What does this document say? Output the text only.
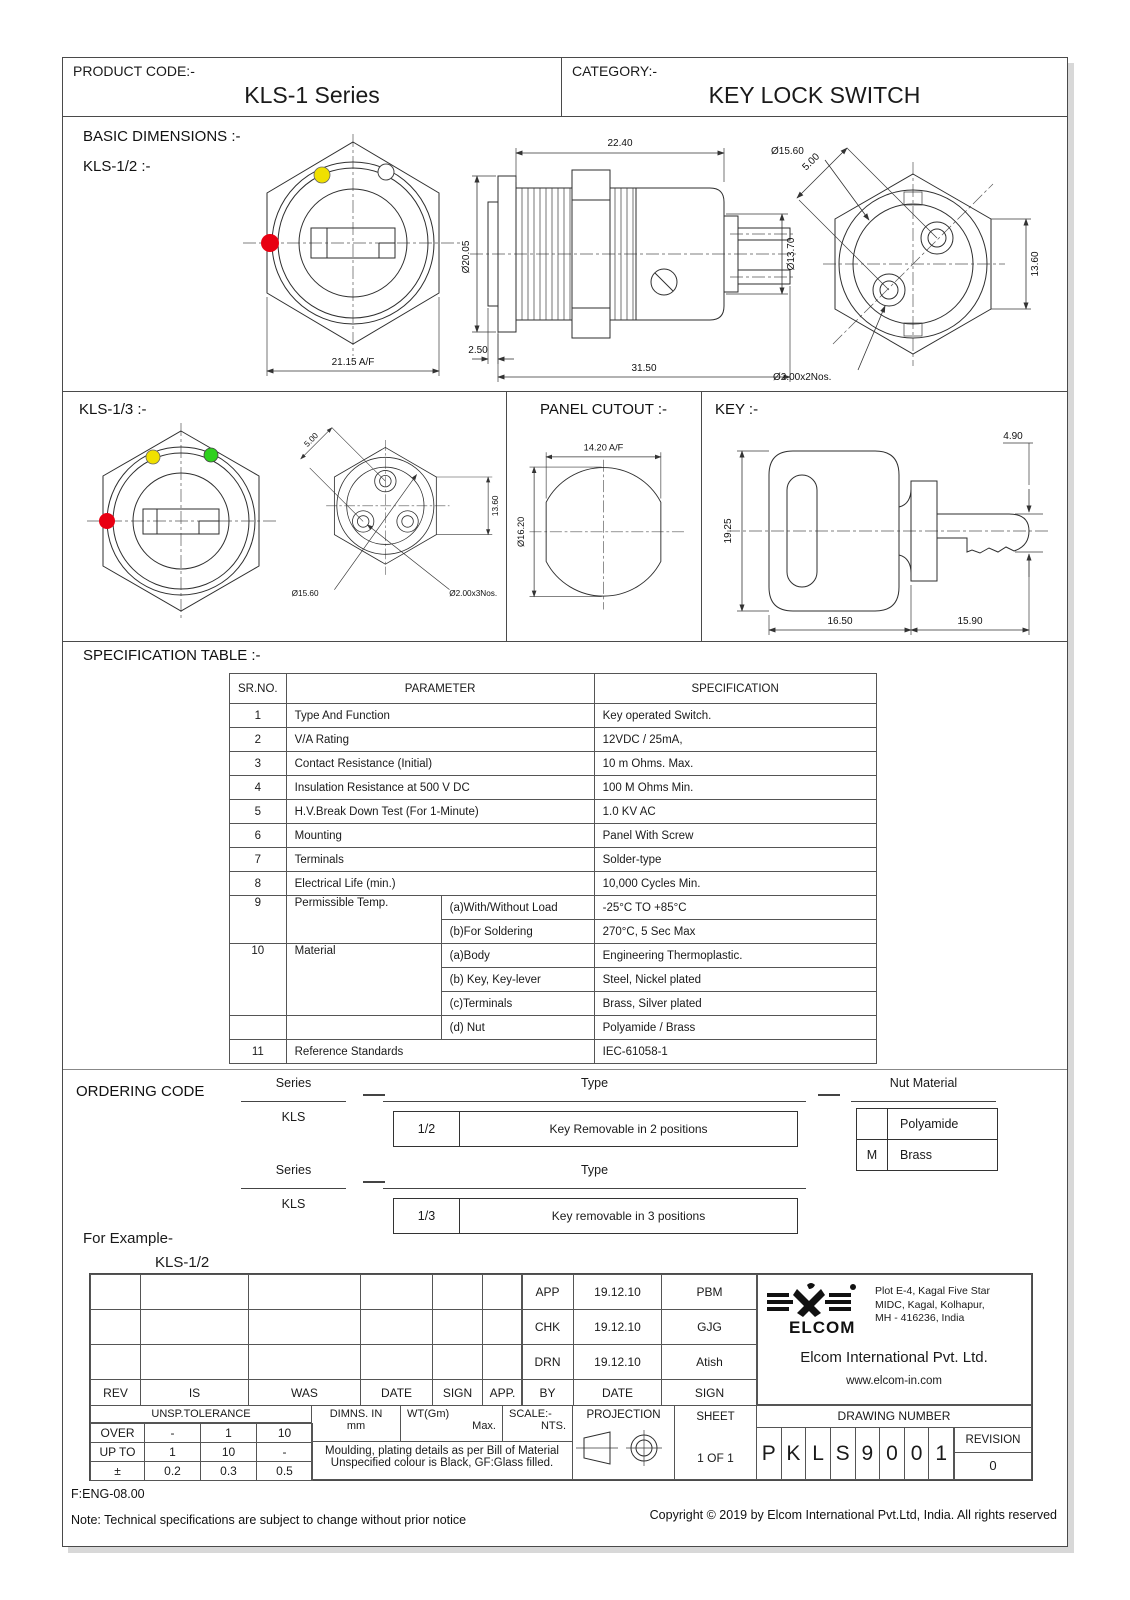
PRODUCT CODE:-
KLS-1 Series
CATEGORY:-
KEY LOCK SWITCH
BASIC DIMENSIONS :-
KLS-1/2 :-
21.15 A/F
22.40
Ø20.05	Ø13.70
2.50
31.50
5.00
Ø15.60
13.60
Ø2.00x2Nos.
KLS-1/3 :-
5.00
13.60
Ø15.60	Ø2.00x3Nos.
PANEL CUTOUT :-
14.20 A/F
Ø16.20
KEY :-
19.25
4.90
16.50	15.90
SPECIFICATION TABLE :-
SR.NO.	PARAMETER		SPECIFICATION
1	Type And Function		Key operated Switch.
2	V/A Rating		12VDC / 25mA,
3	Contact Resistance (Initial)		10 m Ohms. Max.
4	Insulation Resistance at 500 V DC		100 M Ohms Min.
5	H.V.Break Down Test (For 1-Minute)		1.0 KV AC
6	Mounting		Panel With Screw
7	Terminals		Solder-type
8	Electrical Life (min.)		10,000 Cycles Min.
9	Permissible Temp.	(a)With/Without Load	-25°C TO +85°C
		(b)For Soldering	270°C, 5 Sec Max
10	Material	(a)Body	Engineering Thermoplastic.
		(b) Key, Key-lever	Steel, Nickel plated
		(c)Terminals	Brass, Silver plated
		(d) Nut	Polyamide / Brass
11	Reference Standards		IEC-61058-1
ORDERING CODE	Series
KLS
Type
1/2	Key Removable in 2 positions
Nut Material
Polyamide
M	Brass
Series
KLS
Type
1/3	Key removable in 3 positions
For Example-
KLS-1/2

REV	IS	WAS	DATE	SIGN	APP.
APP	19.12.10	PBM
CHK	19.12.10	GJG
DRN	19.12.10	Atish
BY	DATE	SIGN
ELCOM
Plot E-4, Kagal Five Star
MIDC, Kagal, Kolhapur,
MH - 416236, India
Elcom International Pvt. Ltd.
www.elcom-in.com
UNSP.TOLERANCE
OVER	-	1	10
UP TO	1	10	-
±	0.2	0.3	0.5
DIMNS. IN
mm
WT(Gm)
Max.
SCALE:-
NTS.
Moulding, plating details as per Bill of Material
Unspecified colour is Black, GF:Glass filled.
PROJECTION	SHEET
1 OF 1
DRAWING NUMBER
P K L S 9 0 0 1
REVISION
0
F:ENG-08.00
Note: Technical specifications are subject to change without prior notice	Copyright © 2019 by Elcom International Pvt.Ltd, India. All rights reserved
